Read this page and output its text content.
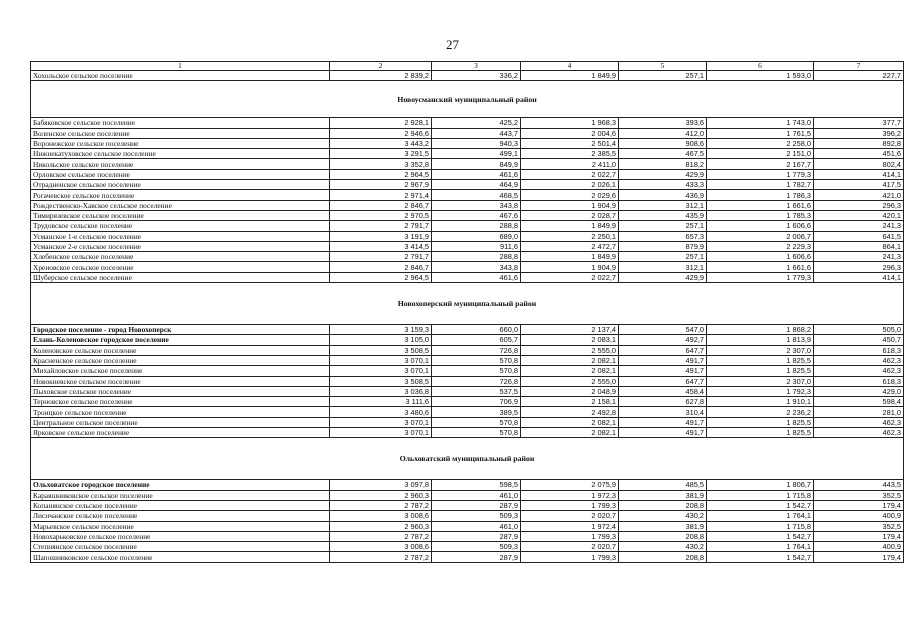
27
1	2	3	4	5	6	7
Хохольское сельское поселение	2 839,2	336,2	1 849,9	257,1	1 593,0	227,7
Новоусманский муниципальный район						
Бабяковское сельское поселение	2 928,1	425,2	1 968,3	393,6	1 743,0	377,7
Воленское сельское поселение	2 946,6	443,7	2 004,6	412,0	1 761,5	396,2
Воронежское сельское поселение	3 443,2	940,3	2 501,4	908,6	2 258,0	892,8
Нижнекатуховское сельское поселение	3 291,5	499,1	2 385,5	467,5	2 151,0	451,6
Никольское сельское поселение	3 352,8	849,9	2 411,0	818,2	2 167,7	802,4
Орловское сельское поселение	2 964,5	461,6	2 022,7	429,9	1 779,3	414,1
Отрадненское сельское поселение	2 967,9	464,9	2 026,1	433,3	1 782,7	417,5
Рогачевское сельское поселение	2 971,4	468,5	2 029,6	436,9	1 786,3	421,0
Рождественско-Хавское сельское поселение	2 846,7	343,8	1 904,9	312,1	1 661,6	296,3
Тимирязевское сельское поселение	2 970,5	467,6	2 028,7	435,9	1 785,3	420,1
Трудовское сельское поселение	2 791,7	288,8	1 849,9	257,1	1 606,6	241,3
Усманское 1-е сельское поселение	3 191,9	689,0	2 250,1	657,3	2 006,7	641,5
Усманское 2-е сельское поселение	3 414,5	911,6	2 472,7	879,9	2 229,3	864,1
Хлебенское сельское поселение	2 791,7	288,8	1 849,9	257,1	1 606,6	241,3
Хреновское сельское поселение	2 846,7	343,8	1 904,9	312,1	1 661,6	296,3
Шуберское сельское поселение	2 964,5	461,6	2 022,7	429,9	1 779,3	414,1
Новохоперский муниципальный район						
Городское поселение - город Новохоперск	3 159,3	660,0	2 137,4	547,0	1 868,2	505,0
Елань-Коленовское городское поселение	3 105,0	605,7	2 083,1	492,7	1 813,9	450,7
Коленовское сельское поселение	3 508,5	726,8	2 555,0	647,7	2 307,0	618,3
Красненское сельское поселение	3 070,1	570,8	2 082,1	491,7	1 825,5	462,3
Михайловское сельское поселение	3 070,1	570,8	2 082,1	491,7	1 825,5	462,3
Новокиевское сельское поселение	3 508,5	726,8	2 555,0	647,7	2 307,0	618,3
Пыховское сельское поселение	3 036,8	537,5	2 048,9	458,4	1 792,3	429,0
Терновское сельское поселение	3 111,6	706,9	2 158,1	627,8	1 910,1	598,4
Троицкое сельское поселение	3 480,6	389,5	2 492,8	310,4	2 236,2	281,0
Центральное сельское поселение	3 070,1	570,8	2 082,1	491,7	1 825,5	462,3
Ярковское сельское поселение	3 070,1	570,8	2 082,1	491,7	1 825,5	462,3
Ольховатский муниципальный район						
Ольховатское городское поселение	3 097,8	598,5	2 075,9	485,5	1 806,7	443,5
Караяшниковское сельское поселение	2 960,3	461,0	1 972,3	381,9	1 715,8	352,5
Копанянское сельское поселение	2 787,2	287,9	1 799,3	208,8	1 542,7	179,4
Лисичанское сельское поселение	3 008,6	509,3	2 020,7	430,2	1 764,1	400,9
Марьевское сельское поселение	2 960,3	461,0	1 972,4	381,9	1 715,8	352,5
Новохарьковское сельское поселение	2 787,2	287,9	1 799,3	208,8	1 542,7	179,4
Степнянское сельское поселение	3 008,6	509,3	2 020,7	430,2	1 764,1	400,9
Шапошниковское сельское поселение	2 787,2	287,9	1 799,3	208,8	1 542,7	179,4
